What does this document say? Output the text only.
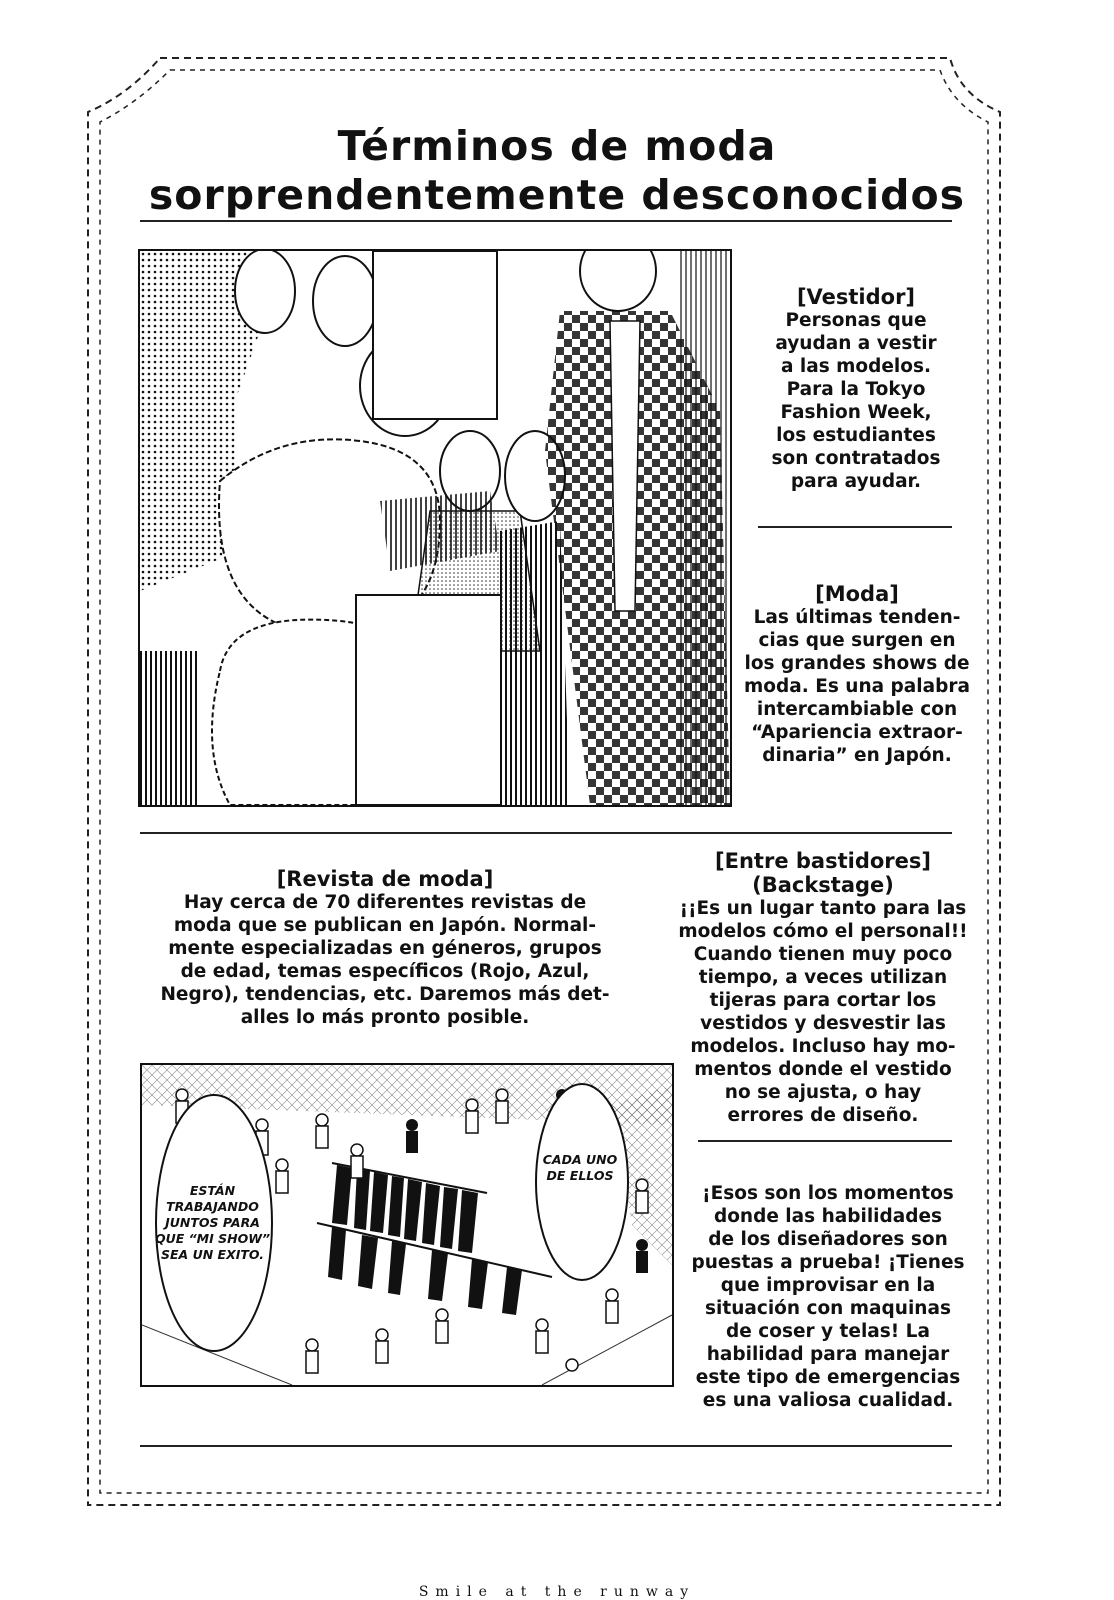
Términos de moda
sorprendentemente desconocidos
[Vestidor]
Personas que
ayudan a vestir
a las modelos.
Para la Tokyo
Fashion Week,
los estudiantes
son contratados
para ayudar.
[Moda]
Las últimas tenden-
cias que surgen en
los grandes shows de
moda. Es una palabra
intercambiable con
“Apariencia extraor-
dinaria” en Japón.
[Revista de moda]
Hay cerca de 70 diferentes revistas de
moda que se publican en Japón. Normal-
mente especializadas en géneros, grupos
de edad, temas específicos (Rojo, Azul,
Negro), tendencias, etc. Daremos más det-
alles lo más pronto posible.
[Entre bastidores]
(Backstage)
¡¡Es un lugar tanto para las
modelos cómo el personal!!
Cuando tienen muy poco
tiempo, a veces utilizan
tijeras para cortar los
vestidos y desvestir las
modelos. Incluso hay mo-
mentos donde el vestido
no se ajusta, o hay
errores de diseño.
¡Esos son los momentos
donde las habilidades
de los diseñadores son
puestas a prueba! ¡Tienes
que improvisar en la
situación con maquinas
de coser y telas! La
habilidad para manejar
este tipo de emergencias
es una valiosa cualidad.
ESTÁN
TRABAJANDO
JUNTOS PARA
QUE “MI SHOW”
SEA UN EXITO.
CADA UNO
DE ELLOS
Smile at the runway
